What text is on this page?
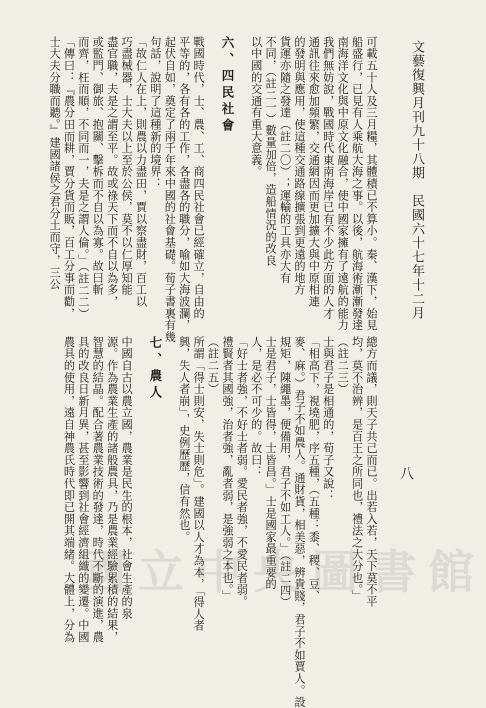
文藝復興月刊九十八期　民國六十七年十二月
八
可載五十人及三月糧，其體積已不算小。秦、漢下，始見
船盛行，已見有人乘航大海之事。以後，航海術漸漸發達
南海洋文化與中原文化融合，使中國家擁有了遠航的能力
我們無妨說，戰國時代東南海岸已有不少此方面的人才
通訊往來愈加頻繁，交通網因而更加擴大與中原相連
的發明與應用，使這種交通路線擴張到更遠的地方
貨運亦隨之發達（註二〇）；運輸的工具亦大有
不同，（註二一）數量加倍，造船情況的改良
以中國的交通有重大意義。

六、四民社會

戰國時代，士、農、工、商四民社會已經確立，自由的
平等的，各有各的工作，各盡各的職分，喻如大海波瀾，
起伏自如，奠定了兩千年來中國的社會基礎。荀子書裏有幾
句話，說明了這種新的境界：
「故仁人在上，則農以力盡田，賈以察盡財，百工以
巧盡械器，士大夫以上至於公侯，莫不以仁厚知能
盡官職，夫是之謂至平。故或祿天下而不自以為多，
或監門、御旅、抱關、擊柝而不自以為寡。故曰斬
而齊，枉而順，不同而一，夫是之謂人倫。」（註二二）
「傳曰：『農分田而耕，賈分貨而販，百工分事而勸，
士大夫分職而聽。』建國諸侯之君分土而守，三公
總方而議，則天子共己而已。出若入若，天下莫不平
均，莫不治辨，是百王之所同也，禮法之大分也。」
（註二三）
士與君子是相通的，荀子又說：
「相高下，視墝肥，序五種，（五種：黍、稷、豆、
麥、麻。）君子不如農人。通財貨，相美惡，辨貴賤，君子不如賈人。設
規矩，陳繩墨，便備用，君子不如工人。」（註二四）
士是君子，士皆得，士皆昌。」士是國家最重要的
人，是必不可少的。故曰：
「好士者強，不好士者弱。愛民者強，不愛民者弱。
禮賢者其國強，治者強，亂者弱，是強弱之本也。」
（註二五）
所謂「得士則安，失士則危」。建國以人才為本，「得人者
興，失人者崩」，史例歷歷，信有然也。

七、農人

中國自古以農立國，農業是民生的根本，社會生產的泉
源。作為農業生產的諸般農具，乃是農業經驗累積的結果，
智慧的結晶。配合著農業技術的發達，時代不斷的演進，農
具的改良日新月異，甚至影響到社會經濟組織的變遷。中國
農具的使用，遠自神農氏時代即已開其端緒。大體上，分為 國立中央圖書館
